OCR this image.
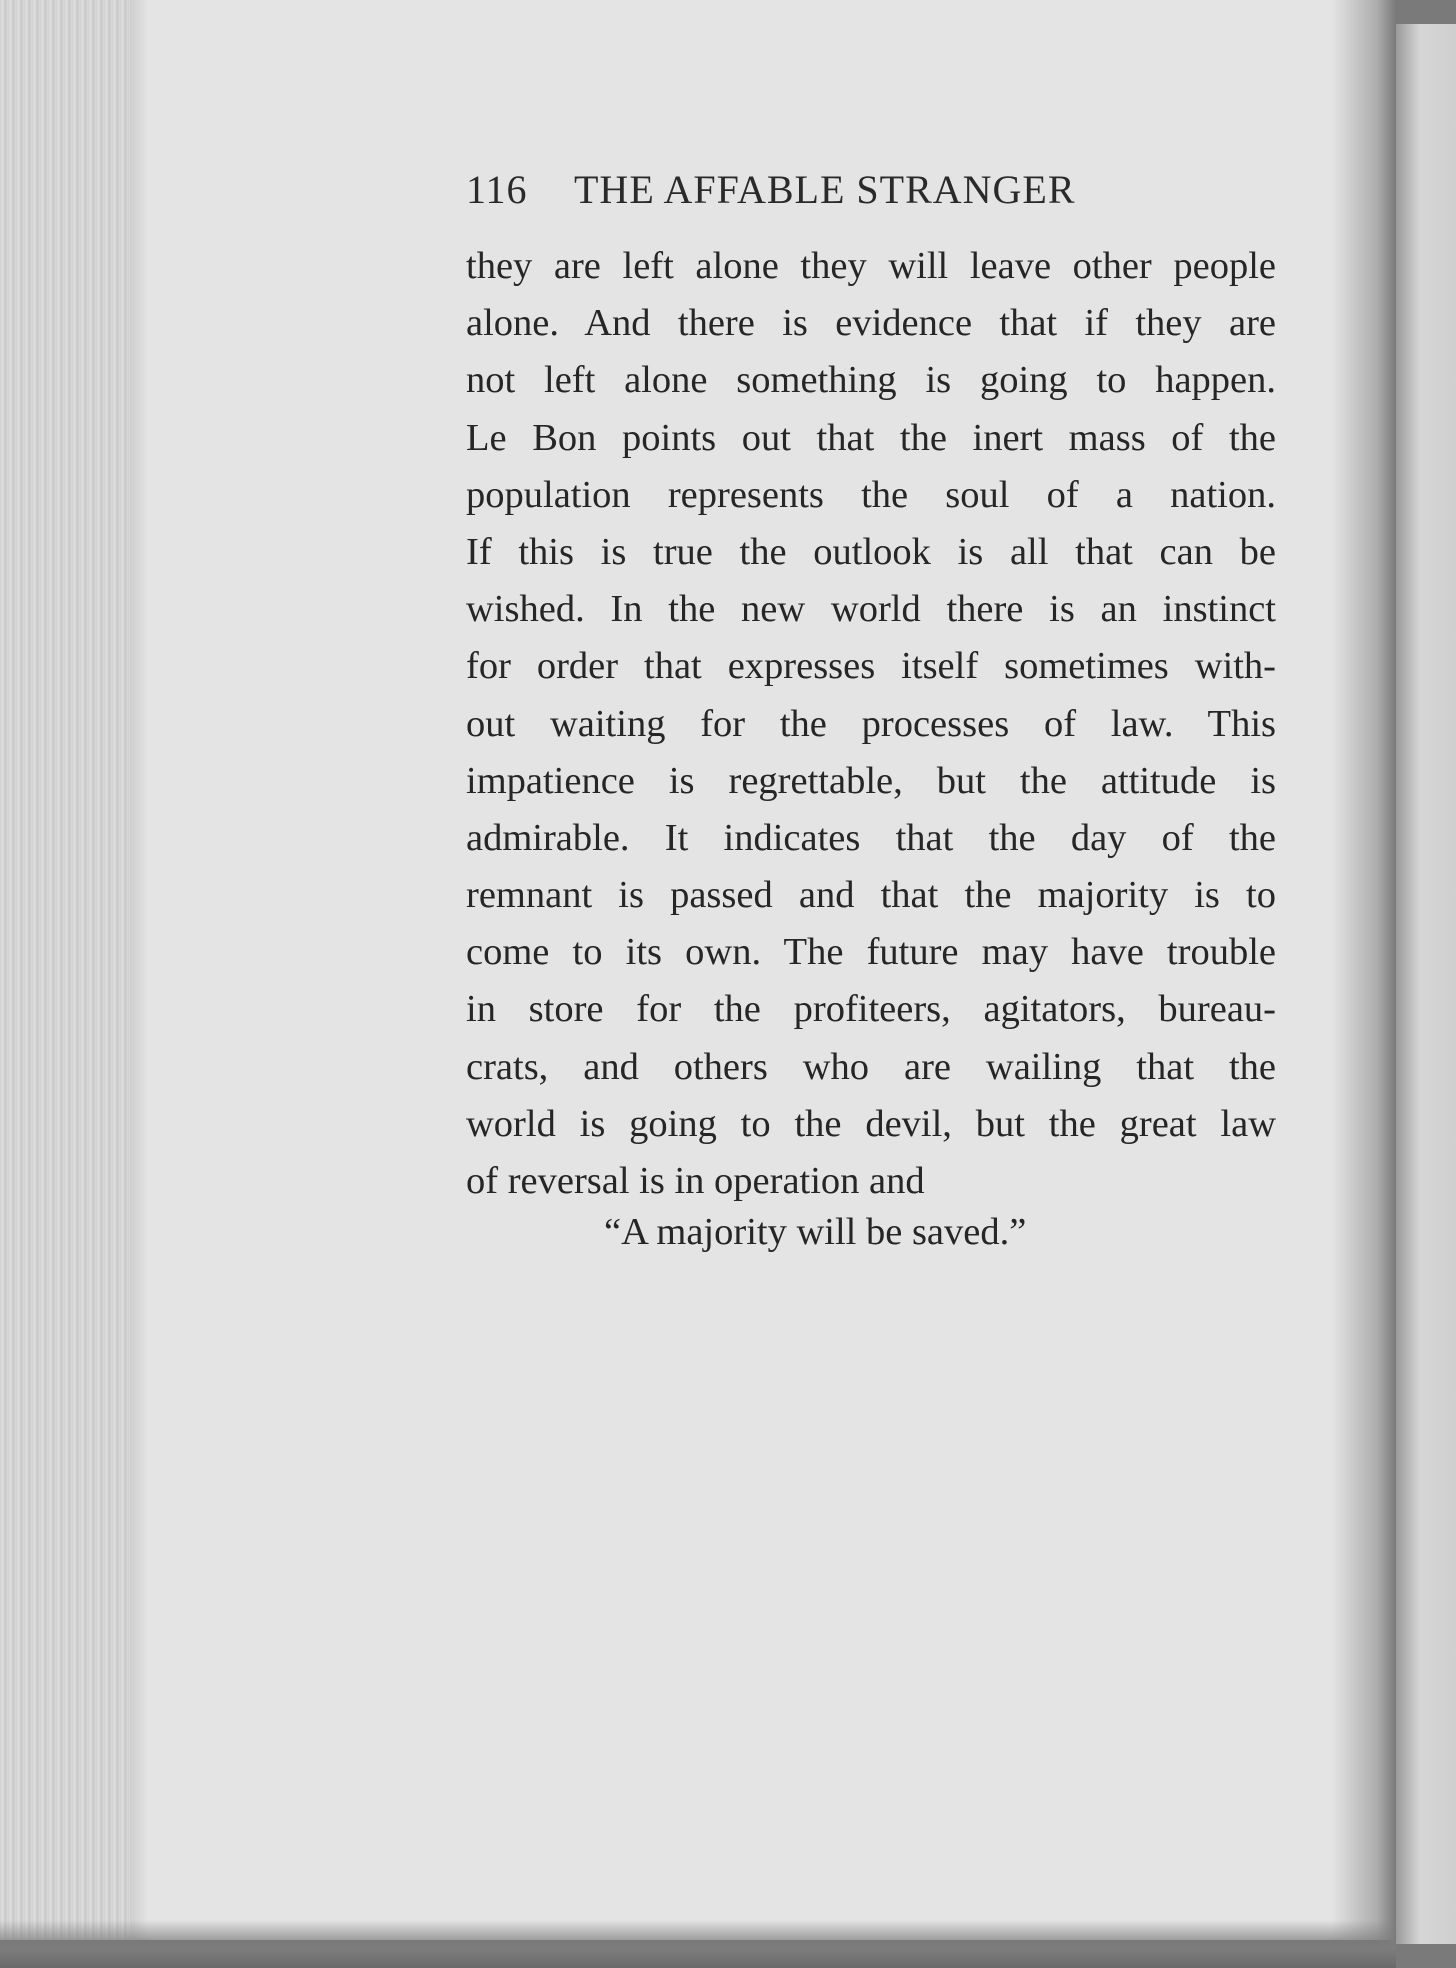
116 THE AFFABLE STRANGER
they are left alone they will leave other people
alone. And there is evidence that if they are
not left alone something is going to happen.
Le Bon points out that the inert mass of the
population represents the soul of a nation.
If this is true the outlook is all that can be
wished. In the new world there is an instinct
for order that expresses itself sometimes with-
out waiting for the processes of law. This
impatience is regrettable, but the attitude is
admirable. It indicates that the day of the
remnant is passed and that the majority is to
come to its own. The future may have trouble
in store for the profiteers, agitators, bureau-
crats, and others who are wailing that the
world is going to the devil, but the great law
of reversal is in operation and
“A majority will be saved.”
